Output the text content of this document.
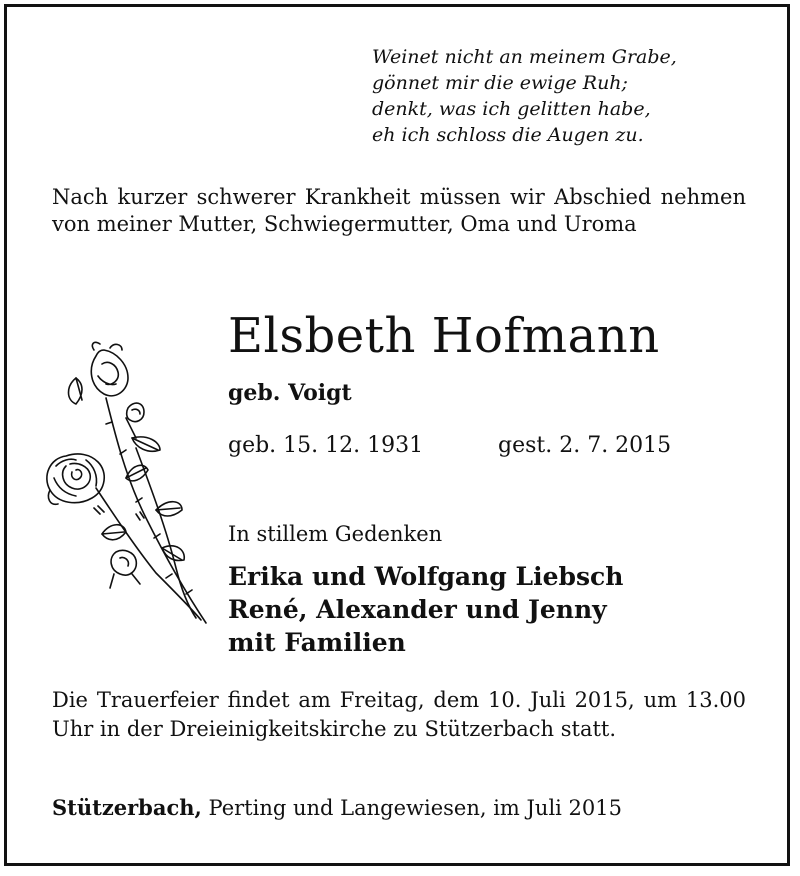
Weinet nicht an meinem Grabe,
gönnet mir die ewige Ruh;
denkt, was ich gelitten habe,
eh ich schloss die Augen zu.
Nach kurzer schwerer Krankheit müssen wir Abschied nehmen von meiner Mutter, Schwiegermutter, Oma und Uroma
Elsbeth Hofmann
geb. Voigt
geb. 15. 12. 1931	gest. 2. 7. 2015
In stillem Gedenken
Erika und Wolfgang Liebsch
René, Alexander und Jenny
mit Familien
Die Trauerfeier findet am Freitag, dem 10. Juli 2015, um 13.00 Uhr in der Dreieinigkeitskirche zu Stützerbach statt.
Stützerbach, Perting und Langewiesen, im Juli 2015
